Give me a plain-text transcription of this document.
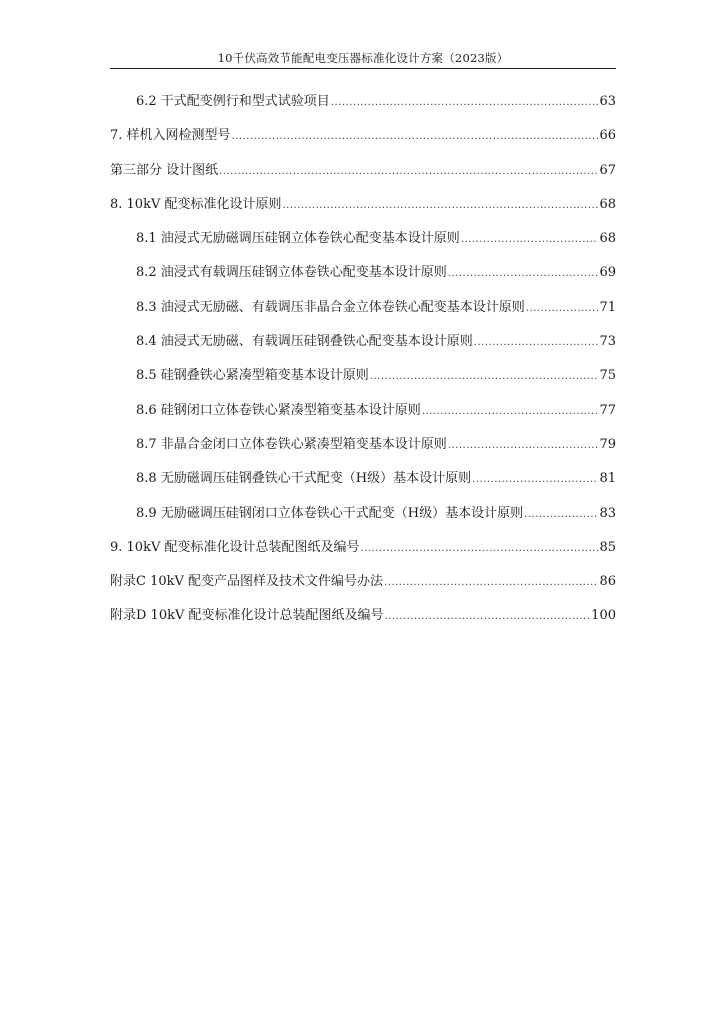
10千伏高效节能配电变压器标准化设计方案（2023版）
6.2 干式配变例行和型式试验项目 .....	63
7. 样机入网检测型号 .....	66
第三部分 设计图纸 .....	67
8. 10kV 配变标准化设计原则 .....	68
8.1 油浸式无励磁调压硅钢立体卷铁心配变基本设计原则 .....	68
8.2 油浸式有载调压硅钢立体卷铁心配变基本设计原则 .....	69
8.3 油浸式无励磁、有载调压非晶合金立体卷铁心配变基本设计原则 .....	71
8.4 油浸式无励磁、有载调压硅钢叠铁心配变基本设计原则 .....	73
8.5 硅钢叠铁心紧凑型箱变基本设计原则 .....	75
8.6 硅钢闭口立体卷铁心紧凑型箱变基本设计原则 .....	77
8.7 非晶合金闭口立体卷铁心紧凑型箱变基本设计原则 .....	79
8.8 无励磁调压硅钢叠铁心干式配变（H级）基本设计原则 .....	81
8.9 无励磁调压硅钢闭口立体卷铁心干式配变（H级）基本设计原则 .....	83
9. 10kV 配变标准化设计总装配图纸及编号 .....	85
附录C 10kV 配变产品图样及技术文件编号办法 .....	86
附录D 10kV 配变标准化设计总装配图纸及编号 .....	100
